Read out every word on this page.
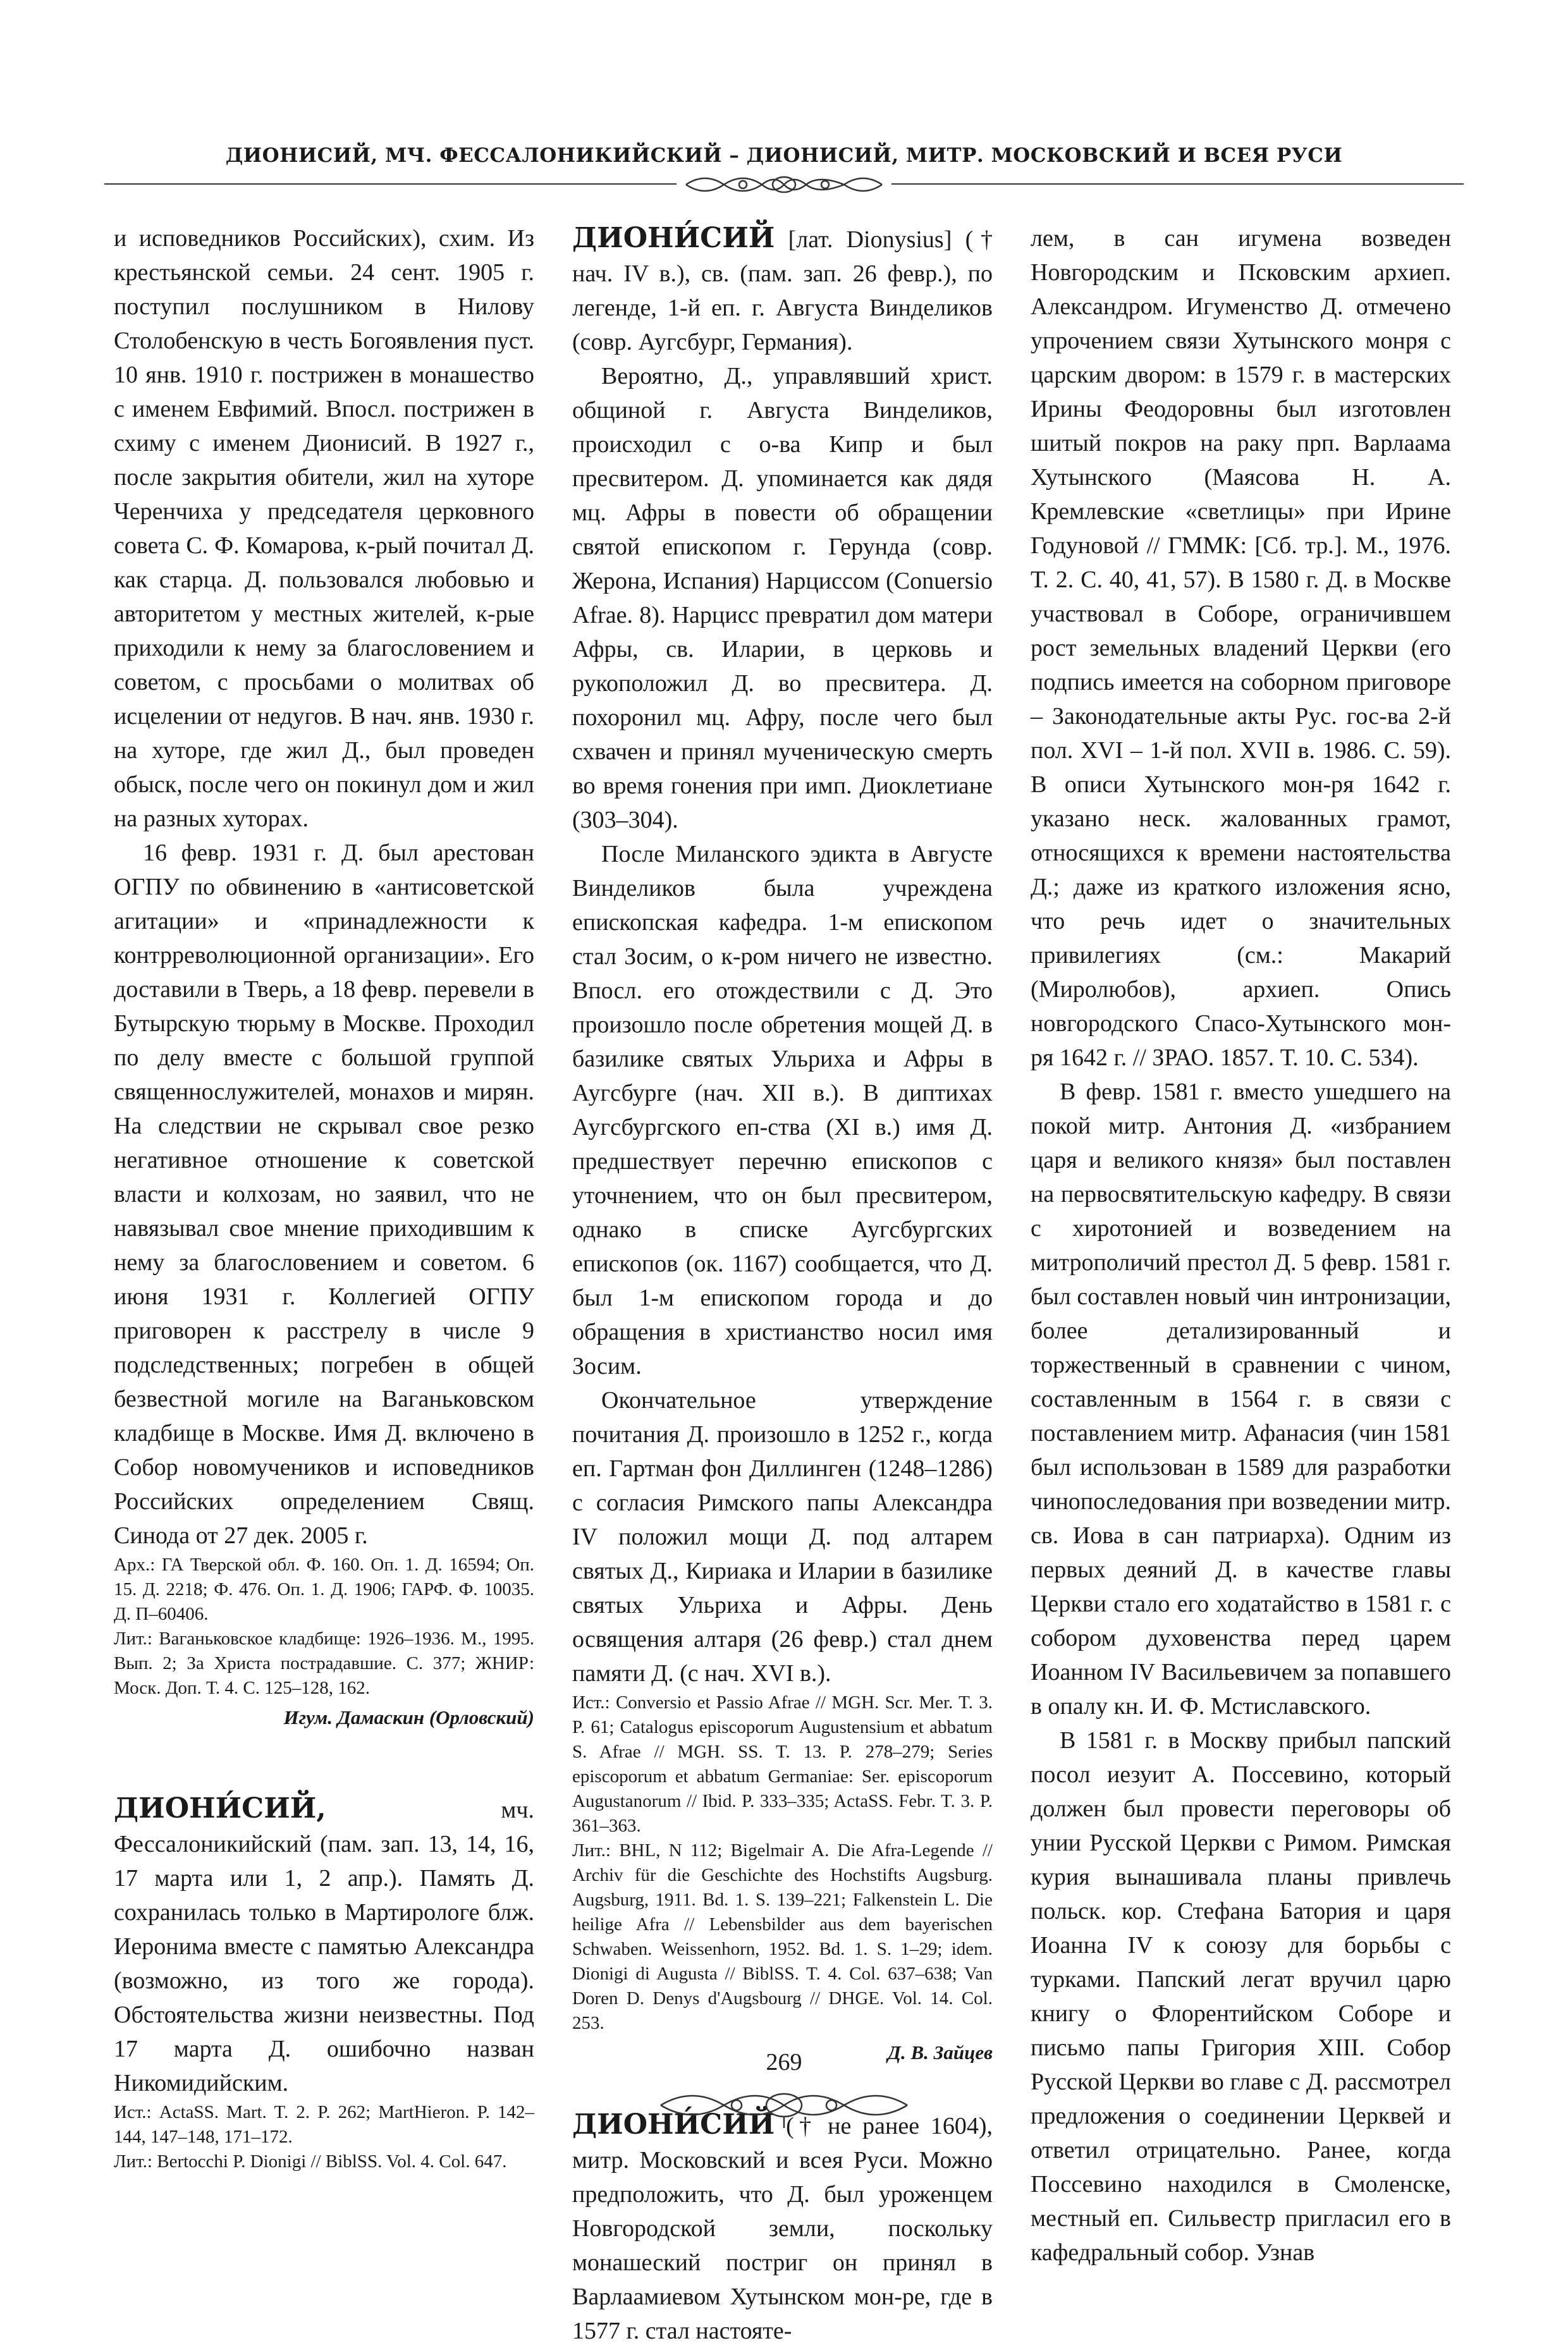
ДИОНИСИЙ, МЧ. ФЕССАЛОНИКИЙСКИЙ – ДИОНИСИЙ, МИТР. МОСКОВСКИЙ И ВСЕЯ РУСИ

и исповедников Российских), схим. Из крестьянской семьи. 24 сент. 1905 г. поступил послушником в Нилову Столобенскую в честь Богоявления пуст. 10 янв. 1910 г. пострижен в монашество с именем Евфимий. Впосл. пострижен в схиму с именем Дионисий. В 1927 г., после закрытия обители, жил на хуторе Черенчиха у председателя церковного совета С. Ф. Комарова, к-рый почитал Д. как старца. Д. пользовался любовью и авторитетом у местных жителей, к-рые приходили к нему за благословением и советом, с просьбами о молитвах об исцелении от недугов. В нач. янв. 1930 г. на хуторе, где жил Д., был проведен обыск, после чего он покинул дом и жил на разных хуторах.

16 февр. 1931 г. Д. был арестован ОГПУ по обвинению в «антисоветской агитации» и «принадлежности к контрреволюционной организации». Его доставили в Тверь, а 18 февр. перевели в Бутырскую тюрьму в Москве. Проходил по делу вместе с большой группой священнослужителей, монахов и мирян. На следствии не скрывал свое резко негативное отношение к советской власти и колхозам, но заявил, что не навязывал свое мнение приходившим к нему за благословением и советом. 6 июня 1931 г. Коллегией ОГПУ приговорен к расстрелу в числе 9 подследственных; погребен в общей безвестной могиле на Ваганьковском кладбище в Москве. Имя Д. включено в Собор новомучеников и исповедников Российских определением Свящ. Синода от 27 дек. 2005 г.

Арх.: ГА Тверской обл. Ф. 160. Оп. 1. Д. 16594; Оп. 15. Д. 2218; Ф. 476. Оп. 1. Д. 1906; ГАРФ. Ф. 10035. Д. П–60406.

Лит.: Ваганьковское кладбище: 1926–1936. М., 1995. Вып. 2; За Христа пострадавшие. С. 377; ЖНИР: Моск. Доп. Т. 4. С. 125–128, 162.

Игум. Дамаскин (Орловский)

ДИОНИ́СИЙ, мч. Фессалоникийский (пам. зап. 13, 14, 16, 17 марта или 1, 2 апр.). Память Д. сохранилась только в Мартирологе блж. Иеронима вместе с памятью Александра (возможно, из того же города). Обстоятельства жизни неизвестны. Под 17 марта Д. ошибочно назван Никомидийским.

Ист.: ActaSS. Mart. T. 2. P. 262; MartHieron. P. 142–144, 147–148, 171–172.

Лит.: Bertocchi P. Dionigi // BiblSS. Vol. 4. Col. 647.

ДИОНИ́СИЙ [лат. Dionysius] († нач. IV в.), св. (пам. зап. 26 февр.), по легенде, 1-й еп. г. Августа Винделиков (совр. Аугсбург, Германия).

Вероятно, Д., управлявший христ. общиной г. Августа Винделиков, происходил с о-ва Кипр и был пресвитером. Д. упоминается как дядя мц. Афры в повести об обращении святой епископом г. Герунда (совр. Жерона, Испания) Нарциссом (Conuersio Afrae. 8). Нарцисс превратил дом матери Афры, св. Иларии, в церковь и рукоположил Д. во пресвитера. Д. похоронил мц. Афру, после чего был схвачен и принял мученическую смерть во время гонения при имп. Диоклетиане (303–304).

После Миланского эдикта в Августе Винделиков была учреждена епископская кафедра. 1-м епископом стал Зосим, о к-ром ничего не известно. Впосл. его отождествили с Д. Это произошло после обретения мощей Д. в базилике святых Ульриха и Афры в Аугсбурге (нач. XII в.). В диптихах Аугсбургского еп-ства (XI в.) имя Д. предшествует перечню епископов с уточнением, что он был пресвитером, однако в списке Аугсбургских епископов (ок. 1167) сообщается, что Д. был 1-м епископом города и до обращения в христианство носил имя Зосим.

Окончательное утверждение почитания Д. произошло в 1252 г., когда еп. Гартман фон Диллинген (1248–1286) с согласия Римского папы Александра IV положил мощи Д. под алтарем святых Д., Кириака и Иларии в базилике святых Ульриха и Афры. День освящения алтаря (26 февр.) стал днем памяти Д. (с нач. XVI в.).

Ист.: Conversio et Passio Afrae // MGH. Scr. Mer. T. 3. P. 61; Catalogus episcoporum Augustensium et abbatum S. Afrae // MGH. SS. T. 13. P. 278–279; Series episcoporum et abbatum Germaniae: Ser. episcoporum Augustanorum // Ibid. P. 333–335; ActaSS. Febr. T. 3. P. 361–363.

Лит.: BHL, N 112; Bigelmair A. Die Afra-Legende // Archiv für die Geschichte des Hochstifts Augsburg. Augsburg, 1911. Bd. 1. S. 139–221; Falkenstein L. Die heilige Afra // Lebensbilder aus dem bayerischen Schwaben. Weissenhorn, 1952. Bd. 1. S. 1–29; idem. Dionigi di Augusta // BiblSS. T. 4. Col. 637–638; Van Doren D. Denys d'Augsbourg // DHGE. Vol. 14. Col. 253.

Д. В. Зайцев

ДИОНИ́СИЙ († не ранее 1604), митр. Московский и всея Руси. Можно предположить, что Д. был уроженцем Новгородской земли, поскольку монашеский постриг он принял в Варлаамиевом Хутынском мон-ре, где в 1577 г. стал настояте-

лем, в сан игумена возведен Новгородским и Псковским архиеп. Александром. Игуменство Д. отмечено упрочением связи Хутынского монря с царским двором: в 1579 г. в мастерских Ирины Феодоровны был изготовлен шитый покров на раку прп. Варлаама Хутынского (Маясова Н. А. Кремлевские «светлицы» при Ирине Годуновой // ГММК: [Сб. тр.]. М., 1976. Т. 2. С. 40, 41, 57). В 1580 г. Д. в Москве участвовал в Соборе, ограничившем рост земельных владений Церкви (его подпись имеется на соборном приговоре – Законодательные акты Рус. гос-ва 2-й пол. XVI – 1-й пол. XVII в. 1986. С. 59). В описи Хутынского мон-ря 1642 г. указано неск. жалованных грамот, относящихся к времени настоятельства Д.; даже из краткого изложения ясно, что речь идет о значительных привилегиях (см.: Макарий (Миролюбов), архиеп. Опись новгородского Спасо-Хутынского мон-ря 1642 г. // ЗРАО. 1857. Т. 10. С. 534).

В февр. 1581 г. вместо ушедшего на покой митр. Антония Д. «избранием царя и великого князя» был поставлен на первосвятительскую кафедру. В связи с хиротонией и возведением на митрополичий престол Д. 5 февр. 1581 г. был составлен новый чин интронизации, более детализированный и торжественный в сравнении с чином, составленным в 1564 г. в связи с поставлением митр. Афанасия (чин 1581 был использован в 1589 для разработки чинопоследования при возведении митр. св. Иова в сан патриарха). Одним из первых деяний Д. в качестве главы Церкви стало его ходатайство в 1581 г. с собором духовенства перед царем Иоанном IV Васильевичем за попавшего в опалу кн. И. Ф. Мстиславского.

В 1581 г. в Москву прибыл папский посол иезуит А. Поссевино, который должен был провести переговоры об унии Русской Церкви с Римом. Римская курия вынашивала планы привлечь польск. кор. Стефана Батория и царя Иоанна IV к союзу для борьбы с турками. Папский легат вручил царю книгу о Флорентийском Соборе и письмо папы Григория XIII. Собор Русской Церкви во главе с Д. рассмотрел предложения о соединении Церквей и ответил отрицательно. Ранее, когда Поссевино находился в Смоленске, местный еп. Сильвестр пригласил его в кафедральный собор. Узнав

269
